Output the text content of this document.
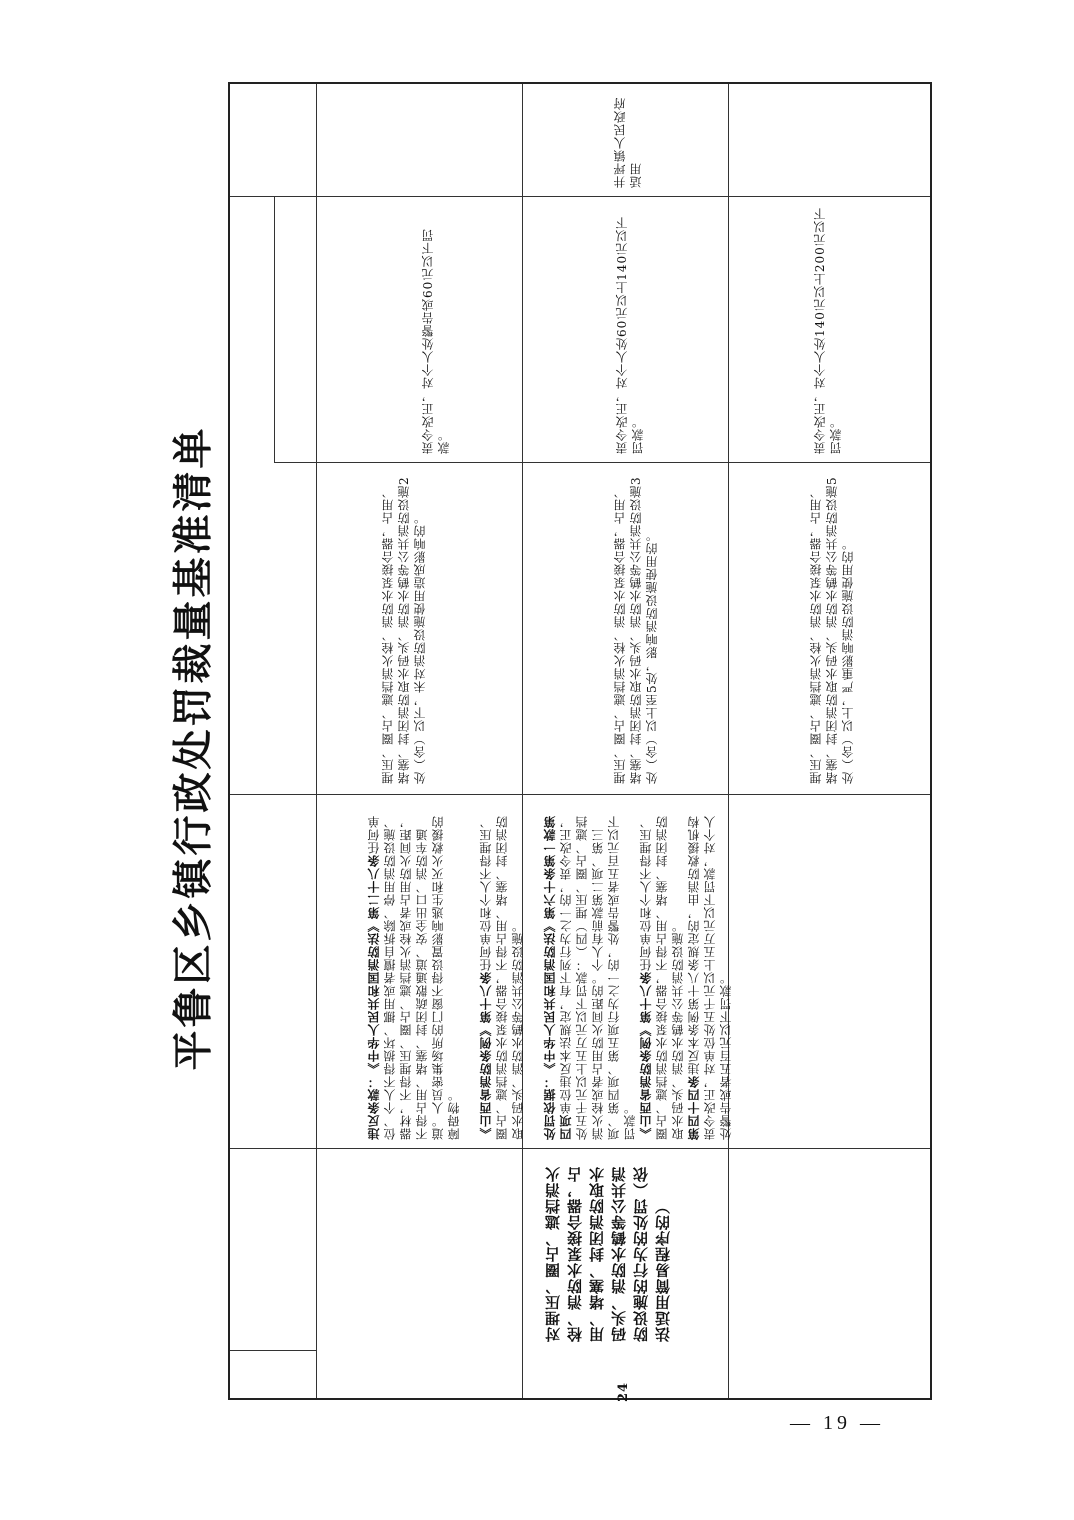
平鲁区乡镇行政处罚裁量基准清单
24
对埋压、圈占、遮挡消火栓、消防水泵接合器，占用、堵塞、封闭消防取水码头、消防水鹤等公共消防设施的行为的处罚（依法适用简易程序的）
违反条款：《中华人民共和国消防法》第二十八条任何单位、个人不得损坏、挪用或者擅自拆除、停用消防设施、器材，不得埋压、圈占、遮挡消火栓或者占用防火间距，不得占用、堵塞、封闭疏散通道、安全出口、消防车通道。人员密集场所的门窗不得设置影响逃生和灭火救援的障碍物。 《山西省消防条例》第十八条任何单位和个人不得埋压、圈占、遮挡消防水泵接合器，不得占用、堵塞、封闭消防取水码头、消防水鹤等公共消防设施。 处罚依据：《中华人民共和国消防法》第六十条第一款第四项单位违反本法规定，有下列行为之一的，责令改正，处五千元以上五万元以下罚款：（四）埋压、圈占、遮挡消火栓或者占用防火间距的。个人有前款第二项、第三项、第四项、第五项行为之一的，处警告或者五百元以下罚款。 《山西省消防条例》第十八条任何单位和个人不得埋压、圈占、遮挡消防水泵接合器，不得占用、堵塞、封闭消防取水码头、消防水鹤等公共消防设施。 第四十四条违反本条例第十八条规定的，由消防救援机构责令改正，对单位处五千元以上五万元以下罚款，对个人处警告或者五百元以下罚款。
埋压、圈占、遮挡消火栓、消防水泵接合器，占用、堵塞、封闭消防取水码头、消防水鹤等公共消防设施2处（含）以下，未对消防设施使用造成影响的。
责令改正，对个人处警告或60元以下罚款。
埋压、圈占、遮挡消火栓、消防水泵接合器，占用、堵塞、封闭消防取水码头、消防水鹤等公共消防设施3处（含）以上至5处，影响消防设施使用的。
责令改正，对个人处60元以上140元以下罚款。
埋压、圈占、遮挡消火栓、消防水泵接合器，占用、堵塞、封闭消防取水码头、消防水鹤等公共消防设施5处（含）以上，严重影响消防设施使用的。
责令改正，对个人处140元以上200元以下罚款。
井坪镇人民政府适用
— 19 —
